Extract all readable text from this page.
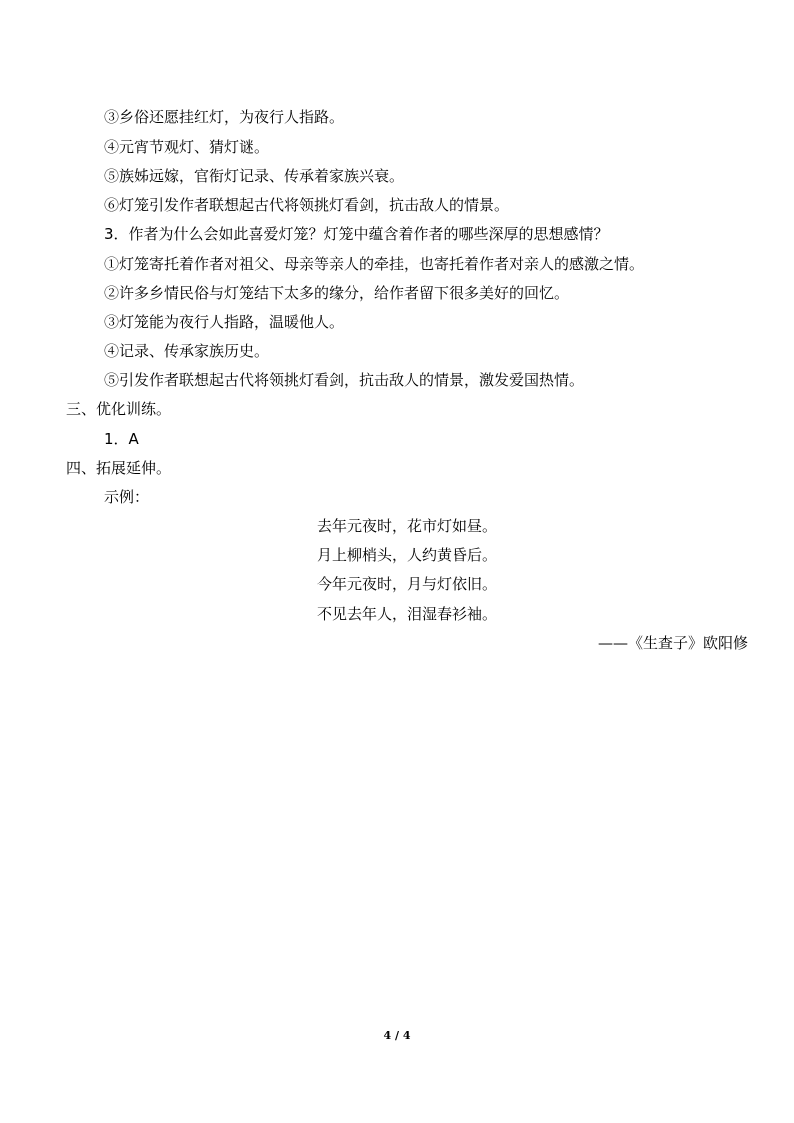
③乡俗还愿挂红灯，为夜行人指路。
④元宵节观灯、猜灯谜。
⑤族姊远嫁，官衔灯记录、传承着家族兴衰。
⑥灯笼引发作者联想起古代将领挑灯看剑，抗击敌人的情景。
3．作者为什么会如此喜爱灯笼？灯笼中蕴含着作者的哪些深厚的思想感情？
①灯笼寄托着作者对祖父、母亲等亲人的牵挂，也寄托着作者对亲人的感激之情。
②许多乡情民俗与灯笼结下太多的缘分，给作者留下很多美好的回忆。
③灯笼能为夜行人指路，温暖他人。
④记录、传承家族历史。
⑤引发作者联想起古代将领挑灯看剑，抗击敌人的情景，激发爱国热情。
三、优化训练。
1．A
四、拓展延伸。
示例：
去年元夜时，花市灯如昼。
月上柳梢头，人约黄昏后。
今年元夜时，月与灯依旧。
不见去年人，泪湿春衫袖。
——《生查子》欧阳修
4 / 4
